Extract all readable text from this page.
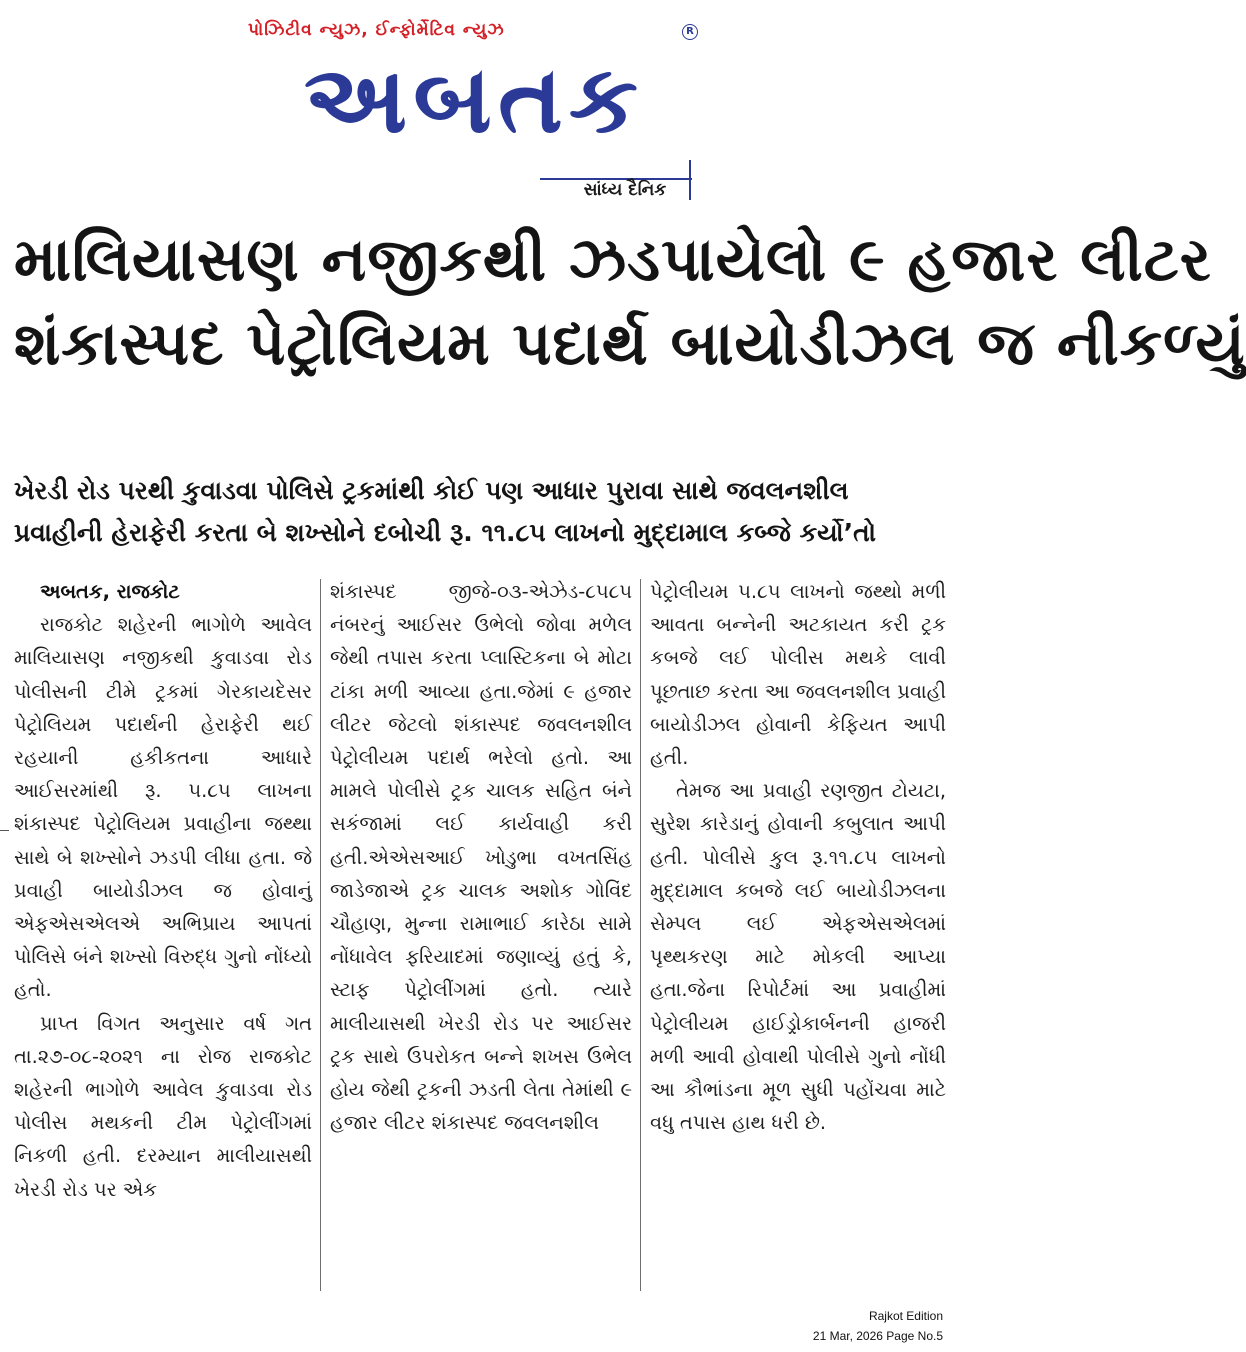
પોઝિટીવ ન્યુઝ, ઈન્ફોર્મેટિવ ન્યુઝ
અબતક
R
સાંધ્ય દૈનિક
માલિયાસણ નજીકથી ઝડપાયેલો ૯ હજાર લીટર
શંકાસ્પદ પેટ્રોલિયમ પદાર્થ બાયોડીઝલ જ નીકળ્યું
ખેરડી રોડ પરથી કુવાડવા પોલિસે ટ્રકમાંથી કોઈ પણ આધાર પુરાવા સાથે જવલનશીલ
પ્રવાહીની હેરાફેરી કરતા બે શખ્સોને દબોચી રૂ. ૧૧.૮૫ લાખનો મુદ્દામાલ કબ્જે કર્યો’તો

અબતક, રાજકોટ

રાજકોટ શહેરની ભાગોળે આવેલ માલિયાસણ નજીકથી કુવાડવા રોડ પોલીસની ટીમે ટ્રકમાં ગેરકાયદેસર પેટ્રોલિયમ પદાર્થની હેરાફેરી થઈ રહયાની હકીકતના આધારે આઈસરમાંથી રૂ. ૫.૮૫ લાખના શંકાસ્પદ પેટ્રોલિયમ પ્રવાહીના જથ્થા સાથે બે શખ્સોને ઝડપી લીધા હતા. જે પ્રવાહી બાયોડીઝલ જ હોવાનું એફએસએલએ અભિપ્રાય આપતાં પોલિસે બંને શખ્સો વિરુદ્ધ ગુનો નોંધ્યો હતો.

પ્રાપ્ત વિગત અનુસાર વર્ષ ગત તા.૨૭-૦૮-૨૦૨૧ ના રોજ રાજકોટ શહેરની ભાગોળે આવેલ કુવાડવા રોડ પોલીસ મથકની ટીમ પેટ્રોલીંગમાં નિકળી હતી. દરમ્યાન માલીયાસથી ખેરડી રોડ પર એક

શંકાસ્પદ જીજે-૦૩-એઝેડ-૮૫૮૫ નંબરનું આઈસર ઉભેલો જોવા મળેલ જેથી તપાસ કરતા પ્લાસ્ટિકના બે મોટા ટાંકા મળી આવ્યા હતા.જેમાં ૯ હજાર લીટર જેટલો શંકાસ્પદ જવલનશીલ પેટ્રોલીયમ પદાર્થ ભરેલો હતો. આ મામલે પોલીસે ટ્રક ચાલક સહિત બંને સકંજામાં લઈ કાર્યવાહી કરી હતી.એએસઆઈ ખોડુભા વખતસિંહ જાડેજાએ ટ્રક ચાલક અશોક ગોવિંદ ચૌહાણ, મુન્ના રામાભાઈ કારેઠા સામે નોંધાવેલ ફરિયાદમાં જણાવ્યું હતું કે, સ્ટાફ પેટ્રોલીંગમાં હતો. ત્યારે માલીયાસથી ખેરડી રોડ પર આઈસર ટ્રક સાથે ઉપરોકત બન્ને શખસ ઉભેલ હોય જેથી ટ્રકની ઝડતી લેતા તેમાંથી ૯ હજાર લીટર શંકાસ્પદ જવલનશીલ

પેટ્રોલીયમ ૫.૮૫ લાખનો જથ્થો મળી આવતા બન્નેની અટકાયત કરી ટ્રક કબજે લઈ પોલીસ મથકે લાવી પૂછતાછ કરતા આ જવલનશીલ પ્રવાહી બાયોડીઝલ હોવાની કેફિયત આપી હતી.

તેમજ આ પ્રવાહી રણજીત ટોયટા, સુરેશ કારેડાનું હોવાની કબુલાત આપી હતી. પોલીસે કુલ રૂ.૧૧.૮૫ લાખનો મુદ્દામાલ કબજે લઈ બાયોડીઝલના સેમ્પલ લઈ એફએસએલમાં પૃથ્થકરણ માટે મોકલી આપ્યા હતા.જેના રિપોર્ટમાં આ પ્રવાહીમાં પેટ્રોલીયમ હાઈડ્રોકાર્બનની હાજરી મળી આવી હોવાથી પોલીસે ગુનો નોંધી આ કૌભાંડના મૂળ સુધી પહોંચવા માટે વધુ તપાસ હાથ ધરી છે.

Rajkot Edition
21 Mar, 2026 Page No.5
